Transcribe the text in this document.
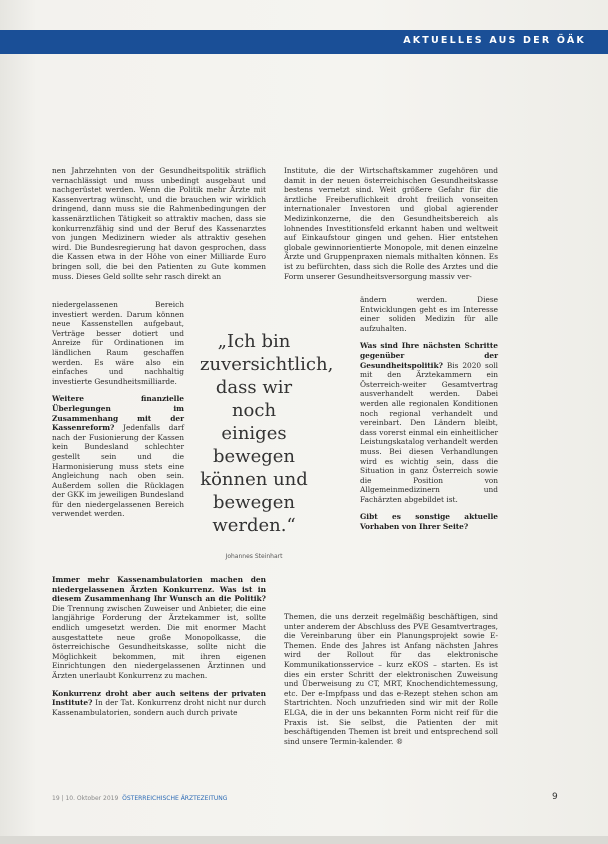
AKTUELLES AUS DER ÖÄK

nen Jahrzehnten von der Gesundheitspolitik sträflich vernachlässigt und muss unbedingt ausgebaut und nachgerüstet werden. Wenn die Politik mehr Ärzte mit Kassenvertrag wünscht, und die brauchen wir wirklich dringend, dann muss sie die Rahmenbedingungen der kassenärztlichen Tätigkeit so attraktiv machen, dass sie konkurrenzfähig sind und der Beruf des Kassenarztes von jungen Medizinern wieder als attraktiv gesehen wird. Die Bundesregierung hat davon gesprochen, dass die Kassen etwa in der Höhe von einer Milliarde Euro bringen soll, die bei den Patienten zu Gute kommen muss. Dieses Geld sollte sehr rasch direkt an

niedergelassenen Bereich investiert werden. Darum können neue Kassenstellen aufgebaut, Verträge besser dotiert und Anreize für Ordinationen im ländlichen Raum geschaffen werden. Es wäre also ein einfaches und nachhaltig investierte Gesundheitsmilliarde.

Weitere finanzielle Überlegungen im Zusammenhang mit der Kassenreform? Jedenfalls darf nach der Fusionierung der Kassen kein Bundesland schlechter gestellt sein und die Harmonisierung muss stets eine Angleichung nach oben sein. Außerdem sollen die Rücklagen der GKK im jeweiligen Bundesland für den niedergelassenen Bereich verwendet werden.

Immer mehr Kassenambulatorien machen den niedergelassenen Ärzten Konkurrenz. Was ist in diesem Zusammenhang Ihr Wunsch an die Politik? Die Trennung zwischen Zuweiser und Anbieter, die eine langjährige Forderung der Ärztekammer ist, sollte endlich umgesetzt werden. Die mit enormer Macht ausgestattete neue große Monopolkasse, die österreichische Gesundheitskasse, sollte nicht die Möglichkeit bekommen, mit ihren eigenen Einrichtungen den niedergelassenen Ärztinnen und Ärzten unerlaubt Konkurrenz zu machen.

Konkurrenz droht aber auch seitens der privaten Institute? In der Tat. Konkurrenz droht nicht nur durch Kassenambulatorien, sondern auch durch private

„Ich bin zuversichtlich, dass wir noch einiges bewegen können und bewegen werden.“
Johannes Steinhart

Institute, die der Wirtschaftskammer zugehören und damit in der neuen österreichischen Gesundheitskasse bestens vernetzt sind. Weit größere Gefahr für die ärztliche Freiberuflichkeit droht freilich vonseiten internationaler Investoren und global agierender Medizinkonzerne, die den Gesundheitsbereich als lohnendes Investitionsfeld erkannt haben und weltweit auf Einkaufstour gingen und gehen. Hier entstehen globale gewinnorientierte Monopole, mit denen einzelne Ärzte und Gruppenpraxen niemals mithalten können. Es ist zu befürchten, dass sich die Rolle des Arztes und die Form unserer Gesundheitsversorgung massiv ver-

ändern werden. Diese Entwicklungen geht es im Interesse einer soliden Medizin für alle aufzuhalten.

Was sind Ihre nächsten Schritte gegenüber der Gesundheitspolitik? Bis 2020 soll mit den Ärztekammern ein Österreich-weiter Gesamtvertrag ausverhandelt werden. Dabei werden alle regionalen Konditionen noch regional verhandelt und vereinbart. Den Ländern bleibt, dass vorerst einmal ein einheitlicher Leistungskatalog verhandelt werden muss. Bei diesen Verhandlungen wird es wichtig sein, dass die Situation in ganz Österreich sowie die Position von Allgemeinmedizinern und Fachärzten abgebildet ist.

Gibt es sonstige aktuelle Vorhaben von Ihrer Seite?

Themen, die uns derzeit regelmäßig beschäftigen, sind unter anderem der Abschluss des PVE Gesamtvertrages, die Vereinbarung über ein Planungsprojekt sowie E-Themen. Ende des Jahres ist Anfang nächsten Jahres wird der Rollout für das elektronische Kommunikationsservice – kurz eKOS – starten. Es ist dies ein erster Schritt der elektronischen Zuweisung und Überweisung zu CT, MRT, Knochendichtemessung, etc. Der e-Impfpass und das e-Rezept stehen schon am Startrichten. Noch unzufrieden sind wir mit der Rolle ELGA, die in der uns bekannten Form nicht reif für die Praxis ist. Sie selbst, die Patienten der mit beschäftigenden Themen ist breit und entsprechend soll sind unsere Termin-kalender. ®

19 | 10. Oktober 2019 ÖSTERREICHISCHE ÄRZTEZEITUNG	9
